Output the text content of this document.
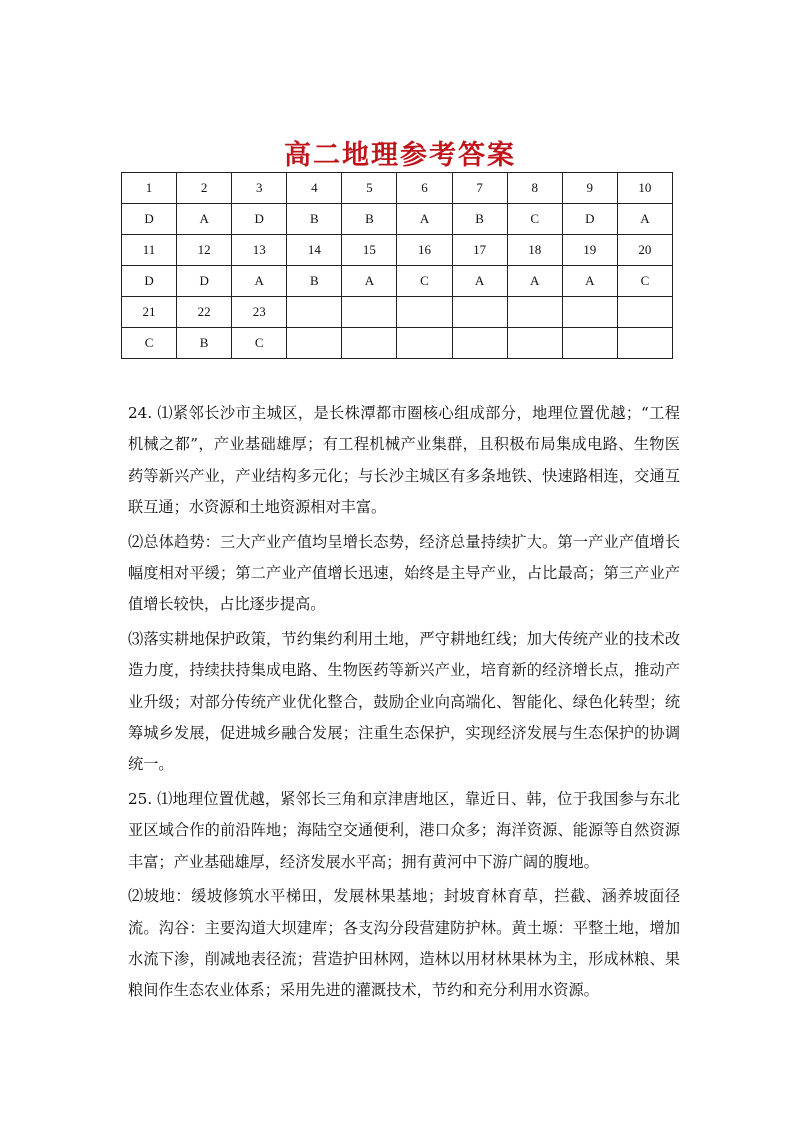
高二地理参考答案
1	2	3	4	5	6	7	8	9	10
D	A	D	B	B	A	B	C	D	A
11	12	13	14	15	16	17	18	19	20
D	D	A	B	A	C	A	A	A	C
21	22	23							
C	B	C							

24. ⑴紧邻长沙市主城区，是长株潭都市圈核心组成部分，地理位置优越；“工程机械之都”，产业基础雄厚；有工程机械产业集群，且积极布局集成电路、生物医药等新兴产业，产业结构多元化；与长沙主城区有多条地铁、快速路相连，交通互联互通；水资源和土地资源相对丰富。

⑵总体趋势：三大产业产值均呈增长态势，经济总量持续扩大。第一产业产值增长幅度相对平缓；第二产业产值增长迅速，始终是主导产业，占比最高；第三产业产值增长较快，占比逐步提高。

⑶落实耕地保护政策，节约集约利用土地，严守耕地红线；加大传统产业的技术改造力度，持续扶持集成电路、生物医药等新兴产业，培育新的经济增长点，推动产业升级；对部分传统产业优化整合，鼓励企业向高端化、智能化、绿色化转型；统筹城乡发展，促进城乡融合发展；注重生态保护，实现经济发展与生态保护的协调统一。

25. ⑴地理位置优越，紧邻长三角和京津唐地区，靠近日、韩，位于我国参与东北亚区域合作的前沿阵地；海陆空交通便利，港口众多；海洋资源、能源等自然资源丰富；产业基础雄厚，经济发展水平高；拥有黄河中下游广阔的腹地。

⑵坡地：缓坡修筑水平梯田，发展林果基地；封坡育林育草，拦截、涵养坡面径流。沟谷：主要沟道大坝建库；各支沟分段营建防护林。黄土塬：平整土地，增加水流下渗，削减地表径流；营造护田林网，造林以用材林果林为主，形成林粮、果粮间作生态农业体系；采用先进的灌溉技术，节约和充分利用水资源。
